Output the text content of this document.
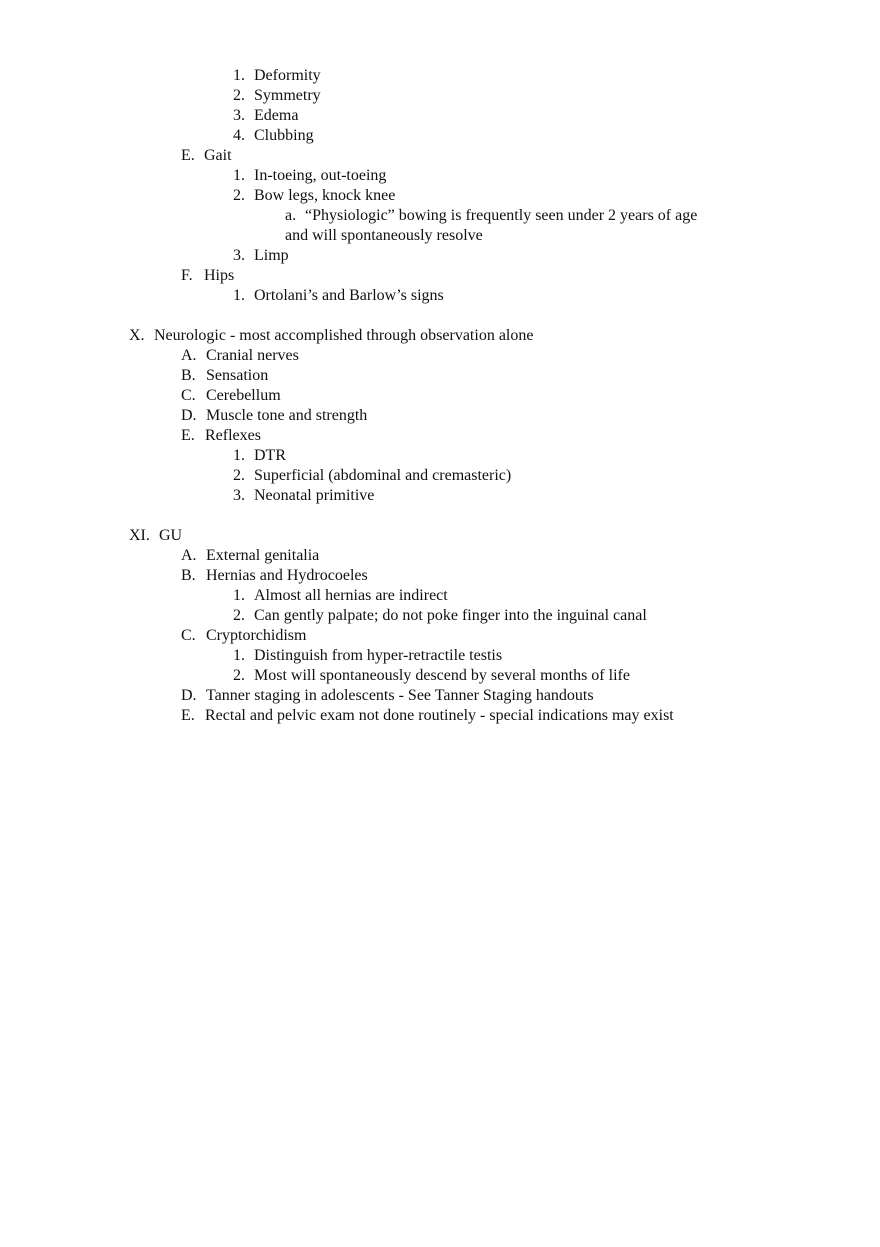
1. Deformity
2. Symmetry
3. Edema
4. Clubbing
E. Gait
1. In-toeing, out-toeing
2. Bow legs, knock knee
a. “Physiologic” bowing is frequently seen under 2 years of age
and will spontaneously resolve
3. Limp
F. Hips
1. Ortolani’s and Barlow’s signs
X. Neurologic - most accomplished through observation alone
A. Cranial nerves
B. Sensation
C. Cerebellum
D. Muscle tone and strength
E. Reflexes
1. DTR
2. Superficial (abdominal and cremasteric)
3. Neonatal primitive
XI. GU
A. External genitalia
B. Hernias and Hydrocoeles
1. Almost all hernias are indirect
2. Can gently palpate; do not poke finger into the inguinal canal
C. Cryptorchidism
1. Distinguish from hyper-retractile testis
2. Most will spontaneously descend by several months of life
D. Tanner staging in adolescents - See Tanner Staging handouts
E. Rectal and pelvic exam not done routinely - special indications may exist
